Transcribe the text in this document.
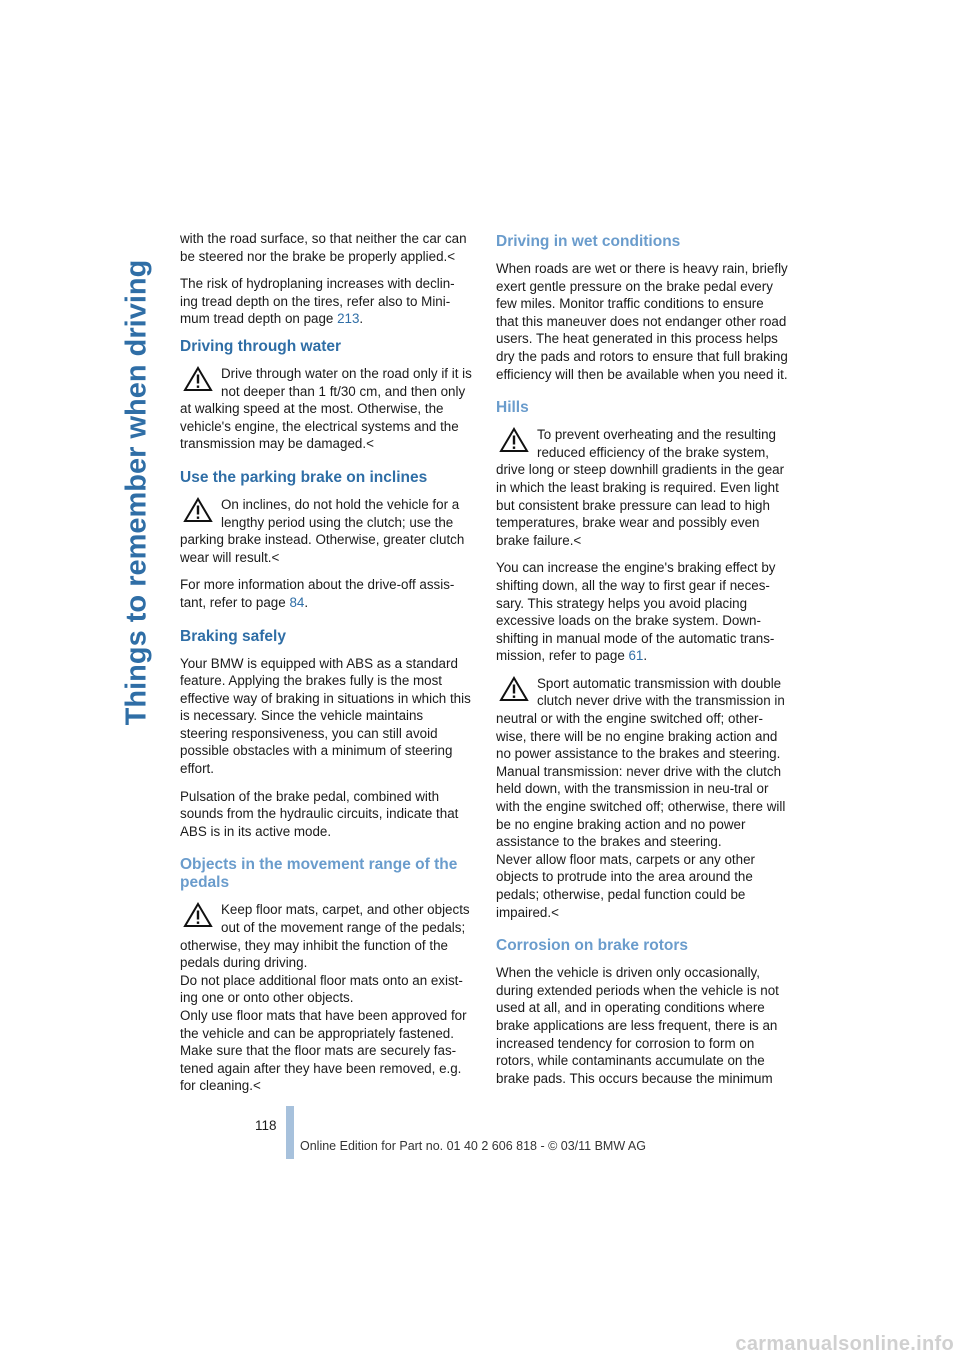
Things to remember when driving

with the road surface, so that neither the car can be steered nor the brake be properly applied.<

The risk of hydroplaning increases with declin-ing tread depth on the tires, refer also to Mini-mum tread depth on page 213.

Driving through water

Drive through water on the road only if it is not deeper than 1 ft/30 cm, and then only at walking speed at the most. Otherwise, the vehicle's engine, the electrical systems and the transmission may be damaged.<

Use the parking brake on inclines

On inclines, do not hold the vehicle for a lengthy period using the clutch; use the parking brake instead. Otherwise, greater clutch wear will result.<

For more information about the drive-off assis-tant, refer to page 84.

Braking safely

Your BMW is equipped with ABS as a standard feature. Applying the brakes fully is the most effective way of braking in situations in which this is necessary. Since the vehicle maintains steering responsiveness, you can still avoid possible obstacles with a minimum of steering effort.

Pulsation of the brake pedal, combined with sounds from the hydraulic circuits, indicate that ABS is in its active mode.

Objects in the movement range of the pedals

Keep floor mats, carpet, and other objects out of the movement range of the pedals; otherwise, they may inhibit the function of the pedals during driving.

Do not place additional floor mats onto an exist-ing one or onto other objects.

Only use floor mats that have been approved for the vehicle and can be appropriately fastened.

Make sure that the floor mats are securely fas-tened again after they have been removed, e.g. for cleaning.<

Driving in wet conditions

When roads are wet or there is heavy rain, briefly exert gentle pressure on the brake pedal every few miles. Monitor traffic conditions to ensure that this maneuver does not endanger other road users. The heat generated in this process helps dry the pads and rotors to ensure that full braking efficiency will then be available when you need it.

Hills

To prevent overheating and the resulting reduced efficiency of the brake system, drive long or steep downhill gradients in the gear in which the least braking is required. Even light but consistent brake pressure can lead to high temperatures, brake wear and possibly even brake failure.<

You can increase the engine's braking effect by shifting down, all the way to first gear if neces-sary. This strategy helps you avoid placing excessive loads on the brake system. Down-shifting in manual mode of the automatic trans-mission, refer to page 61.

Sport automatic transmission with double clutch never drive with the transmission in neutral or with the engine switched off; other-wise, there will be no engine braking action and no power assistance to the brakes and steering.

Manual transmission: never drive with the clutch held down, with the transmission in neu-tral or with the engine switched off; otherwise, there will be no engine braking action and no power assistance to the brakes and steering.

Never allow floor mats, carpets or any other objects to protrude into the area around the pedals; otherwise, pedal function could be impaired.<

Corrosion on brake rotors

When the vehicle is driven only occasionally, during extended periods when the vehicle is not used at all, and in operating conditions where brake applications are less frequent, there is an increased tendency for corrosion to form on rotors, while contaminants accumulate on the brake pads. This occurs because the minimum

118
Online Edition for Part no. 01 40 2 606 818 - © 03/11 BMW AG
carmanualsonline.info
